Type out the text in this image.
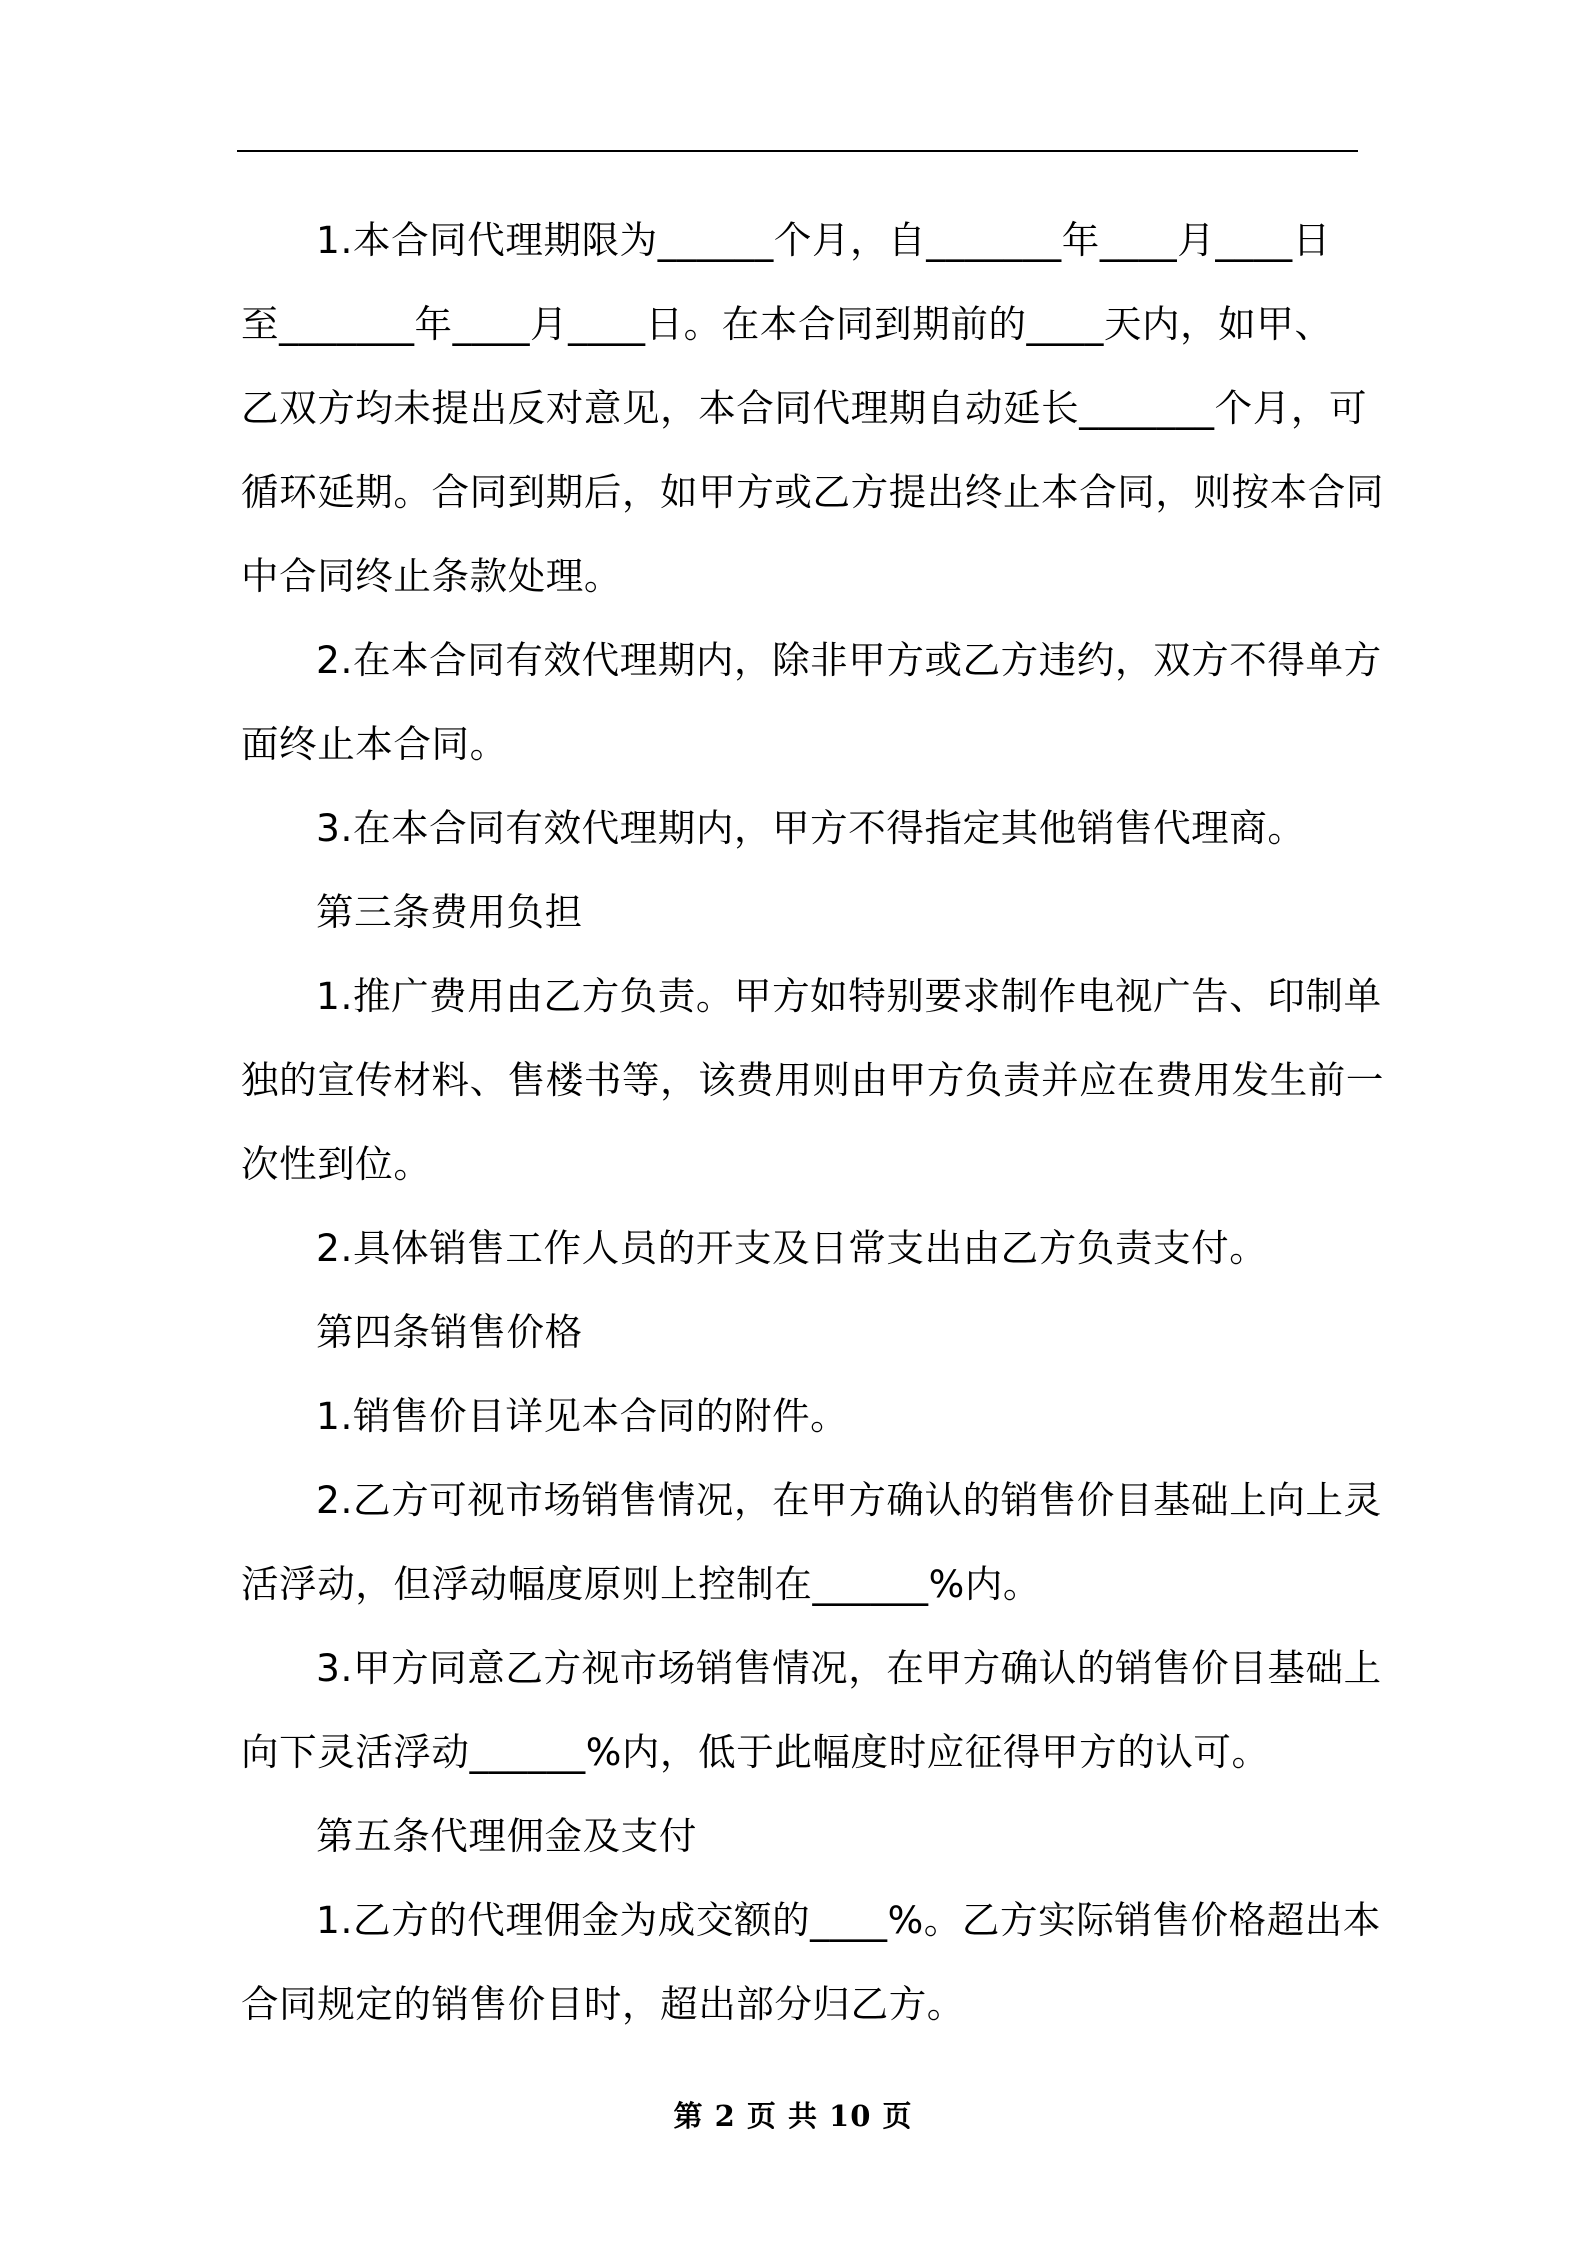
1.本合同代理期限为______个月，自_______年____月____日

至_______年____月____日。在本合同到期前的____天内，如甲、

乙双方均未提出反对意见，本合同代理期自动延长_______个月，可

循环延期。合同到期后，如甲方或乙方提出终止本合同，则按本合同

中合同终止条款处理。

2.在本合同有效代理期内，除非甲方或乙方违约，双方不得单方

面终止本合同。

3.在本合同有效代理期内，甲方不得指定其他销售代理商。

第三条费用负担

1.推广费用由乙方负责。甲方如特别要求制作电视广告、印制单

独的宣传材料、售楼书等，该费用则由甲方负责并应在费用发生前一

次性到位。

2.具体销售工作人员的开支及日常支出由乙方负责支付。

第四条销售价格

1.销售价目详见本合同的附件。

2.乙方可视市场销售情况，在甲方确认的销售价目基础上向上灵

活浮动，但浮动幅度原则上控制在______%内。

3.甲方同意乙方视市场销售情况，在甲方确认的销售价目基础上

向下灵活浮动______%内，低于此幅度时应征得甲方的认可。

第五条代理佣金及支付

1.乙方的代理佣金为成交额的____%。乙方实际销售价格超出本

合同规定的销售价目时，超出部分归乙方。

第 2 页 共 10 页
